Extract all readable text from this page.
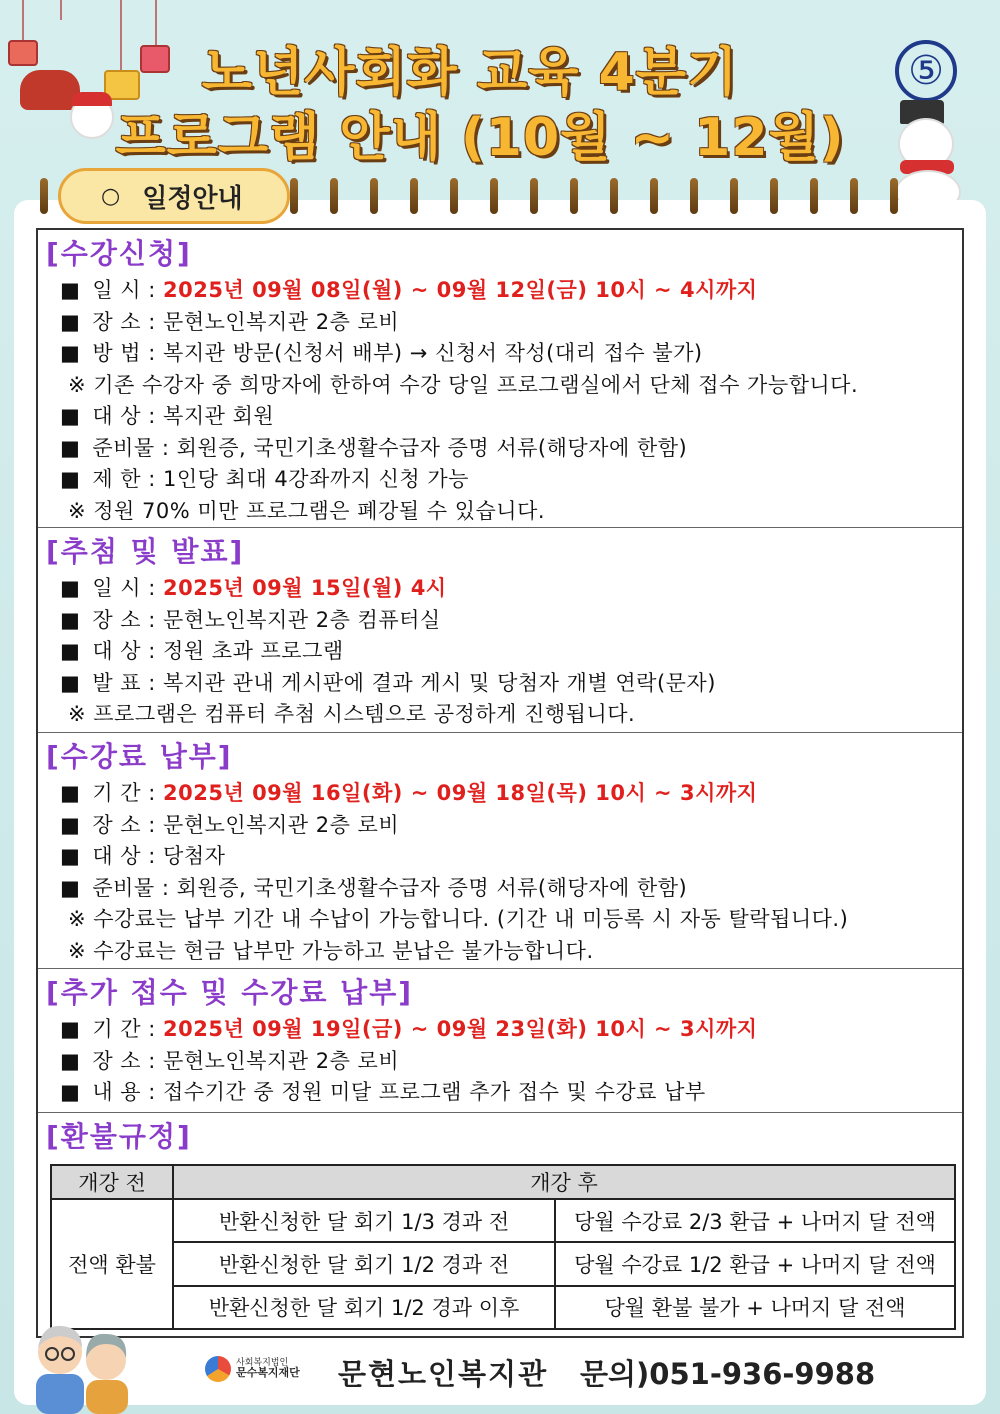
노년사회화 교육 4분기
프로그램 안내 (10월 ~ 12월)
⑤
○ 일정안내
[수강신청]
■ 일 시 : 2025년 09월 08일(월) ~ 09월 12일(금) 10시 ~ 4시까지
■ 장 소 : 문현노인복지관 2층 로비
■ 방 법 : 복지관 방문(신청서 배부) → 신청서 작성(대리 접수 불가)
※ 기존 수강자 중 희망자에 한하여 수강 당일 프로그램실에서 단체 접수 가능합니다.
■ 대 상 : 복지관 회원
■ 준비물 : 회원증, 국민기초생활수급자 증명 서류(해당자에 한함)
■ 제 한 : 1인당 최대 4강좌까지 신청 가능
※ 정원 70% 미만 프로그램은 폐강될 수 있습니다.
[추첨 및 발표]
■ 일 시 : 2025년 09월 15일(월) 4시
■ 장 소 : 문현노인복지관 2층 컴퓨터실
■ 대 상 : 정원 초과 프로그램
■ 발 표 : 복지관 관내 게시판에 결과 게시 및 당첨자 개별 연락(문자)
※ 프로그램은 컴퓨터 추첨 시스템으로 공정하게 진행됩니다.
[수강료 납부]
■ 기 간 : 2025년 09월 16일(화) ~ 09월 18일(목) 10시 ~ 3시까지
■ 장 소 : 문현노인복지관 2층 로비
■ 대 상 : 당첨자
■ 준비물 : 회원증, 국민기초생활수급자 증명 서류(해당자에 한함)
※ 수강료는 납부 기간 내 수납이 가능합니다. (기간 내 미등록 시 자동 탈락됩니다.)
※ 수강료는 현금 납부만 가능하고 분납은 불가능합니다.
[추가 접수 및 수강료 납부]
■ 기 간 : 2025년 09월 19일(금) ~ 09월 23일(화) 10시 ~ 3시까지
■ 장 소 : 문현노인복지관 2층 로비
■ 내 용 : 접수기간 중 정원 미달 프로그램 추가 접수 및 수강료 납부
[환불규정]
개강 전	개강 후	
전액 환불	반환신청한 달 회기 1/3 경과 전	당월 수강료 2/3 환급 + 나머지 달 전액
	반환신청한 달 회기 1/2 경과 전	당월 수강료 1/2 환급 + 나머지 달 전액
	반환신청한 달 회기 1/2 경과 이후	당월 환불 불가 + 나머지 달 전액
사회복지법인
문수복지재단 문현노인복지관 문의)051-936-9988
